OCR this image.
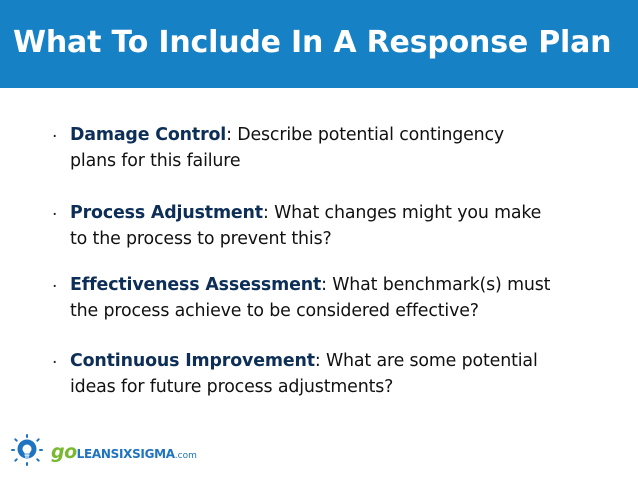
What To Include In A Response Plan
· Damage Control: Describe potential contingency
plans for this failure
· Process Adjustment: What changes might you make
to the process to prevent this?
· Effectiveness Assessment: What benchmark(s) must
the process achieve to be considered effective?
· Continuous Improvement: What are some potential
ideas for future process adjustments?
goLEANSIXSIGMA.com
